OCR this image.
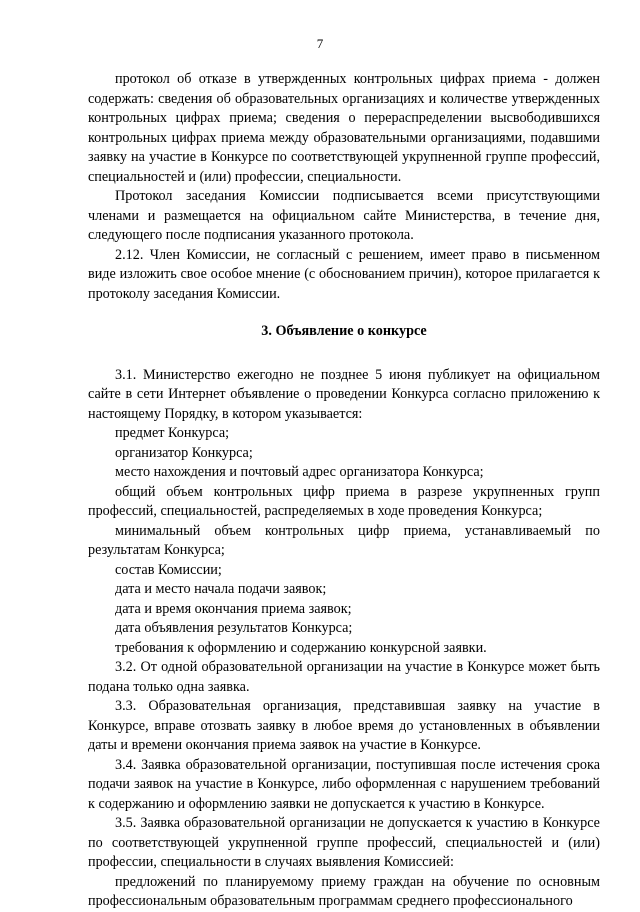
7

протокол об отказе в утвержденных контрольных цифрах приема - должен содержать: сведения об образовательных организациях и количестве утвержденных контрольных цифрах приема; сведения о перераспределении высвободившихся контрольных цифрах приема между образовательными организациями, подавшими заявку на участие в Конкурсе по соответствующей укрупненной группе профессий, специальностей и (или) профессии, специальности.

Протокол заседания Комиссии подписывается всеми присутствующими членами и размещается на официальном сайте Министерства, в течение дня, следующего после подписания указанного протокола.

2.12. Член Комиссии, не согласный с решением, имеет право в письменном виде изложить свое особое мнение (с обоснованием причин), которое прилагается к протоколу заседания Комиссии.

3. Объявление о конкурсе

3.1. Министерство ежегодно не позднее 5 июня публикует на официальном сайте в сети Интернет объявление о проведении Конкурса согласно приложению к настоящему Порядку, в котором указывается:

предмет Конкурса;

организатор Конкурса;

место нахождения и почтовый адрес организатора Конкурса;

общий объем контрольных цифр приема в разрезе укрупненных групп профессий, специальностей, распределяемых в ходе проведения Конкурса;

минимальный объем контрольных цифр приема, устанавливаемый по результатам Конкурса;

состав Комиссии;

дата и место начала подачи заявок;

дата и время окончания приема заявок;

дата объявления результатов Конкурса;

требования к оформлению и содержанию конкурсной заявки.

3.2. От одной образовательной организации на участие в Конкурсе может быть подана только одна заявка.

3.3. Образовательная организация, представившая заявку на участие в Конкурсе, вправе отозвать заявку в любое время до установленных в объявлении даты и времени окончания приема заявок на участие в Конкурсе.

3.4. Заявка образовательной организации, поступившая после истечения срока подачи заявок на участие в Конкурсе, либо оформленная с нарушением требований к содержанию и оформлению заявки не допускается к участию в Конкурсе.

3.5. Заявка образовательной организации не допускается к участию в Конкурсе по соответствующей укрупненной группе профессий, специальностей и (или) профессии, специальности в случаях выявления Комиссией:

предложений по планируемому приему граждан на обучение по основным профессиональным образовательным программам среднего профессионального
